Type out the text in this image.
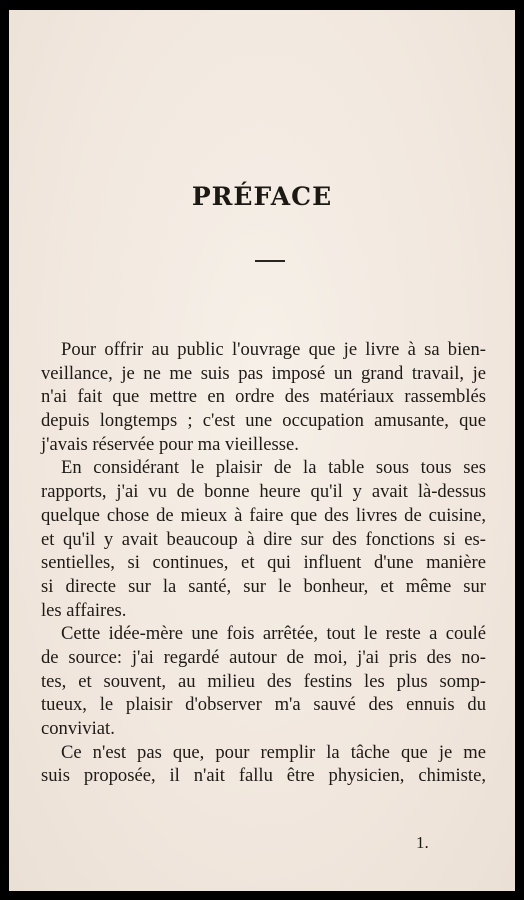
PRÉFACE
Pour offrir au public l'ouvrage que je livre à sa bien-
veillance, je ne me suis pas imposé un grand travail, je
n'ai fait que mettre en ordre des matériaux rassemblés
depuis longtemps ; c'est une occupation amusante, que
j'avais réservée pour ma vieillesse.
En considérant le plaisir de la table sous tous ses
rapports, j'ai vu de bonne heure qu'il y avait là-dessus
quelque chose de mieux à faire que des livres de cuisine,
et qu'il y avait beaucoup à dire sur des fonctions si es-
sentielles, si continues, et qui influent d'une manière
si directe sur la santé, sur le bonheur, et même sur
les affaires.
Cette idée-mère une fois arrêtée, tout le reste a coulé
de source: j'ai regardé autour de moi, j'ai pris des no-
tes, et souvent, au milieu des festins les plus somp-
tueux, le plaisir d'observer m'a sauvé des ennuis du
conviviat.
Ce n'est pas que, pour remplir la tâche que je me
suis proposée, il n'ait fallu être physicien, chimiste,
1.
